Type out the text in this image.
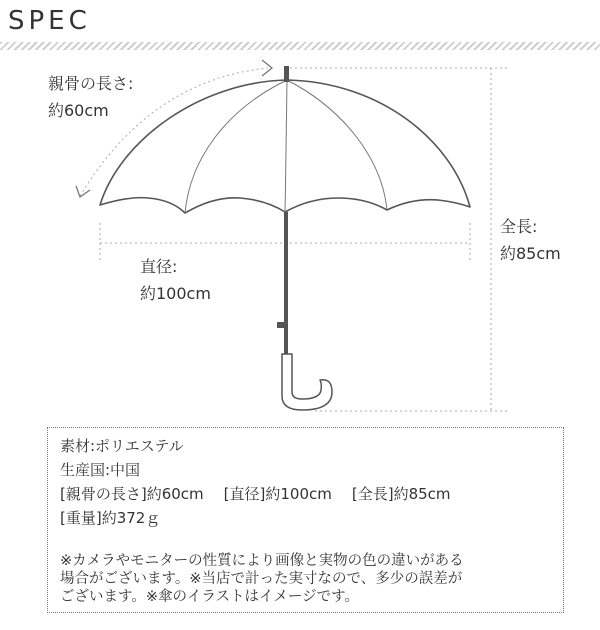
SPEC
親骨の長さ:
約60cm
直径:
約100cm
全長:
約85cm
素材:ポリエステル
生産国:中国
[親骨の長さ]約60cm [直径]約100cm [全長]約85cm
[重量]約372ｇ
※カメラやモニターの性質により画像と実物の色の違いがある
場合がございます。※当店で計った実寸なので、多少の誤差が
ございます。※傘のイラストはイメージです。
